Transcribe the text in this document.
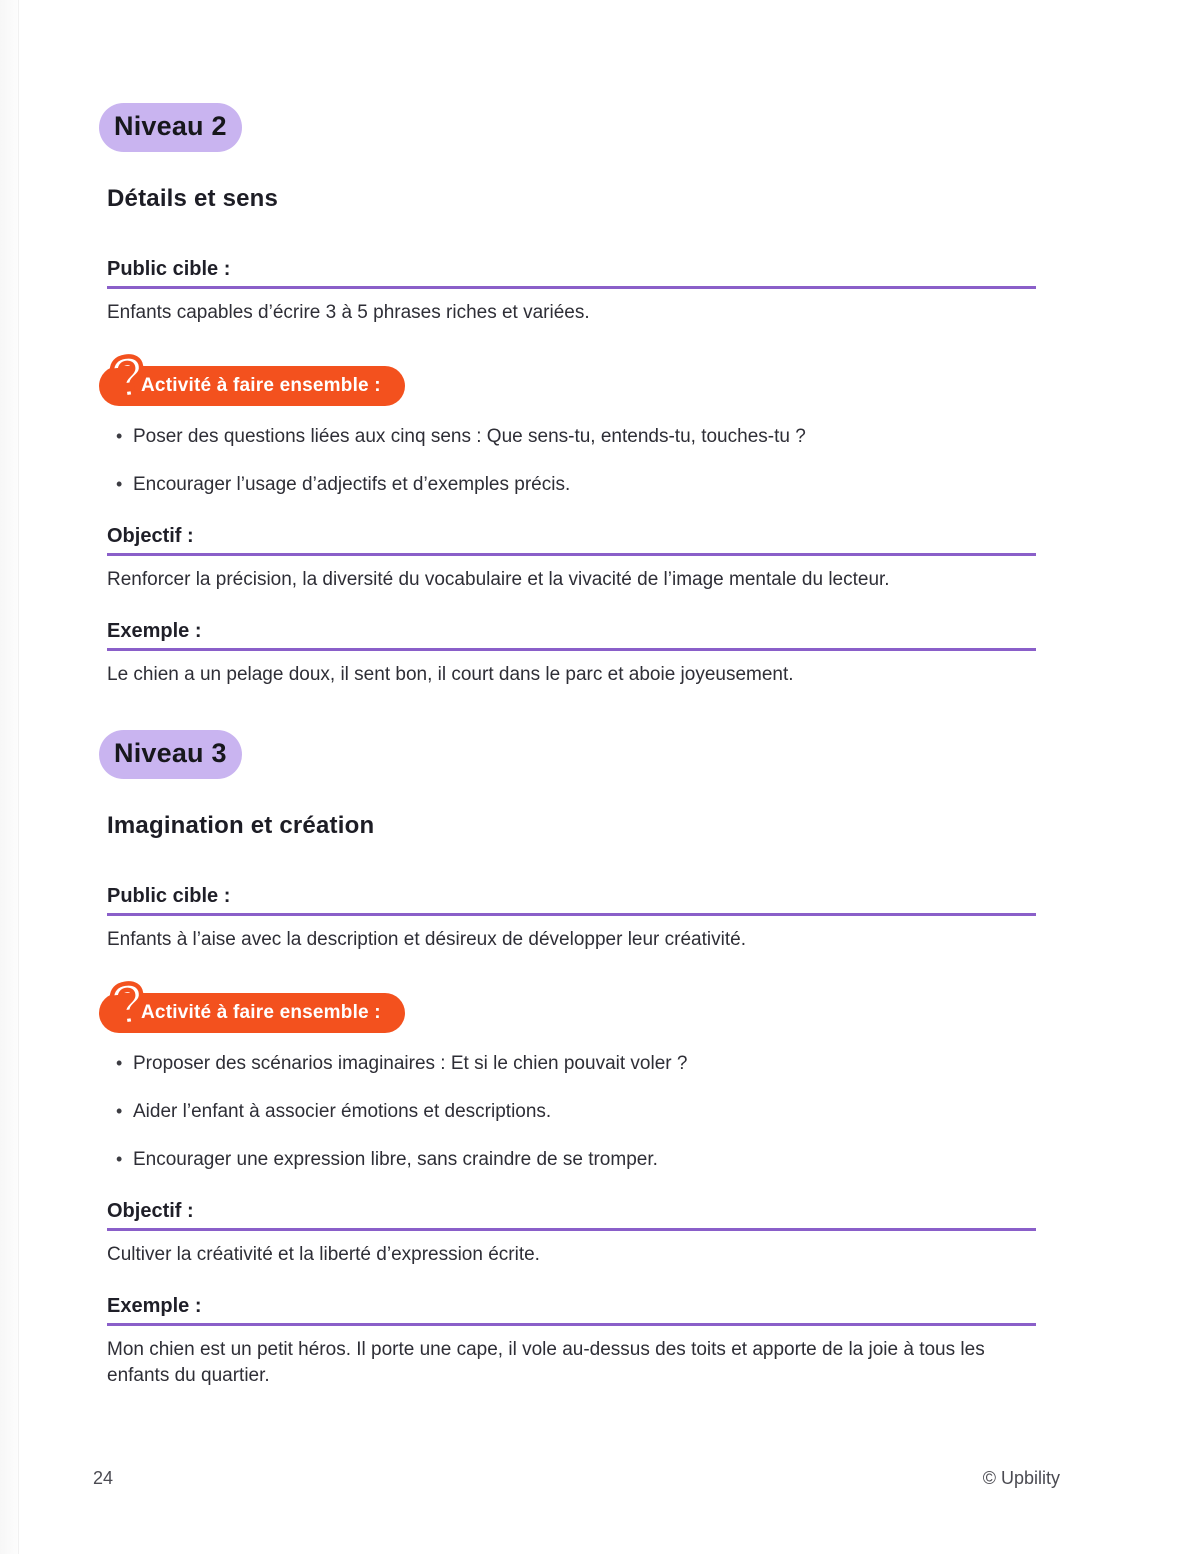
Niveau 2
Détails et sens
Public cible :

Enfants capables d’écrire 3 à 5 phrases riches et variées.

?
Activité à faire ensemble :
• Poser des questions liées aux cinq sens : Que sens-tu, entends-tu, touches-tu ?
• Encourager l’usage d’adjectifs et d’exemples précis.
Objectif :

Renforcer la précision, la diversité du vocabulaire et la vivacité de l’image mentale du lecteur.

Exemple :

Le chien a un pelage doux, il sent bon, il court dans le parc et aboie joyeusement.

Niveau 3
Imagination et création
Public cible :

Enfants à l’aise avec la description et désireux de développer leur créativité.

?
Activité à faire ensemble :
• Proposer des scénarios imaginaires : Et si le chien pouvait voler ?
• Aider l’enfant à associer émotions et descriptions.
• Encourager une expression libre, sans craindre de se tromper.
Objectif :

Cultiver la créativité et la liberté d’expression écrite.

Exemple :

Mon chien est un petit héros. Il porte une cape, il vole au-dessus des toits et apporte de la joie à tous les enfants du quartier.

24	© Upbility
